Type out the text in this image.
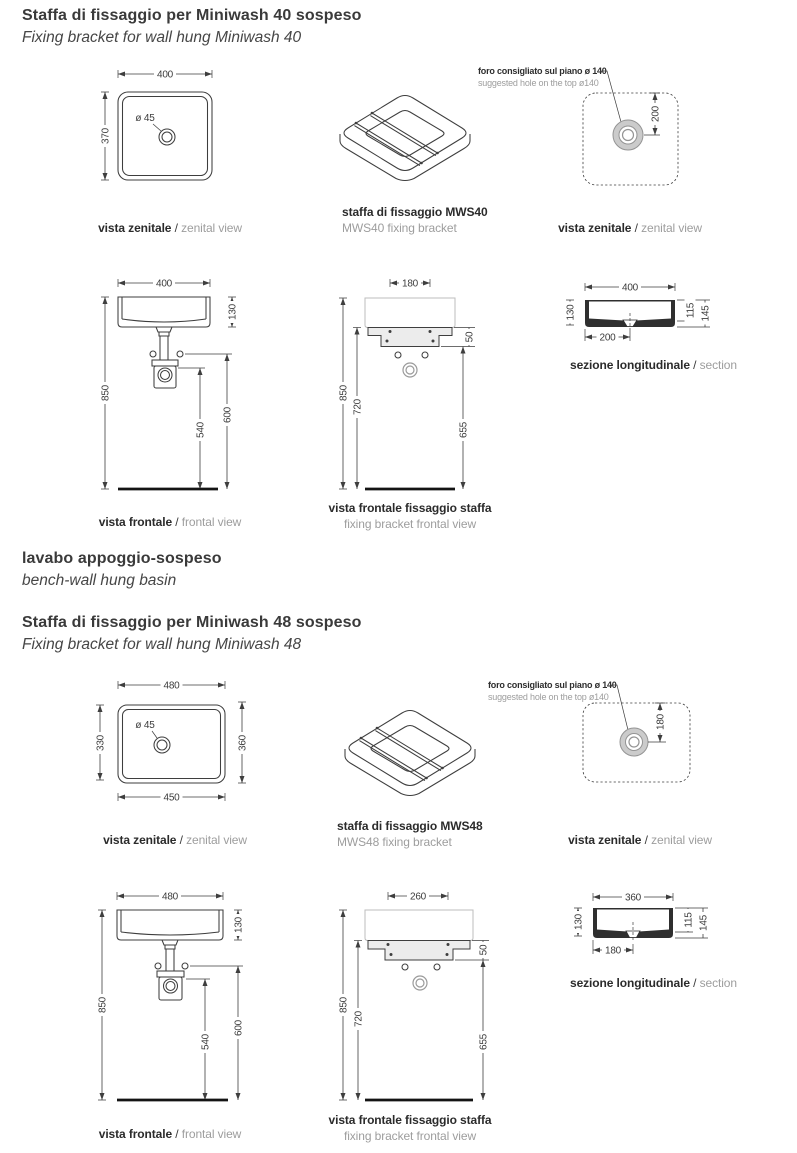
Staffa di fissaggio per Miniwash 40 sospeso
Fixing bracket for wall hung Miniwash 40
400
370
ø 45
vista zenitale / zenital view
staffa di fissaggio MWS40
MWS40 fixing bracket
foro consigliato sul piano ø 140
suggested hole on the top ø140
200
vista zenitale / zenital view
400
850
600
540
130
vista frontale / frontal view
180
50
850
720
655
vista frontale fissaggio staffa
fixing bracket frontal view
400
130	115 145
200
sezione longitudinale / section
lavabo appoggio-sospeso
bench-wall hung basin
Staffa di fissaggio per Miniwash 48 sospeso
Fixing bracket for wall hung Miniwash 48
480
330	360
450
ø 45
vista zenitale / zenital view
staffa di fissaggio MWS48
MWS48 fixing bracket
foro consigliato sul piano ø 140
suggested hole on the top ø140
180
vista zenitale / zenital view
480
850
600
540
130
vista frontale / frontal view
260
50
850
720
655
vista frontale fissaggio staffa
fixing bracket frontal view
360
130	115 145
180
sezione longitudinale / section
